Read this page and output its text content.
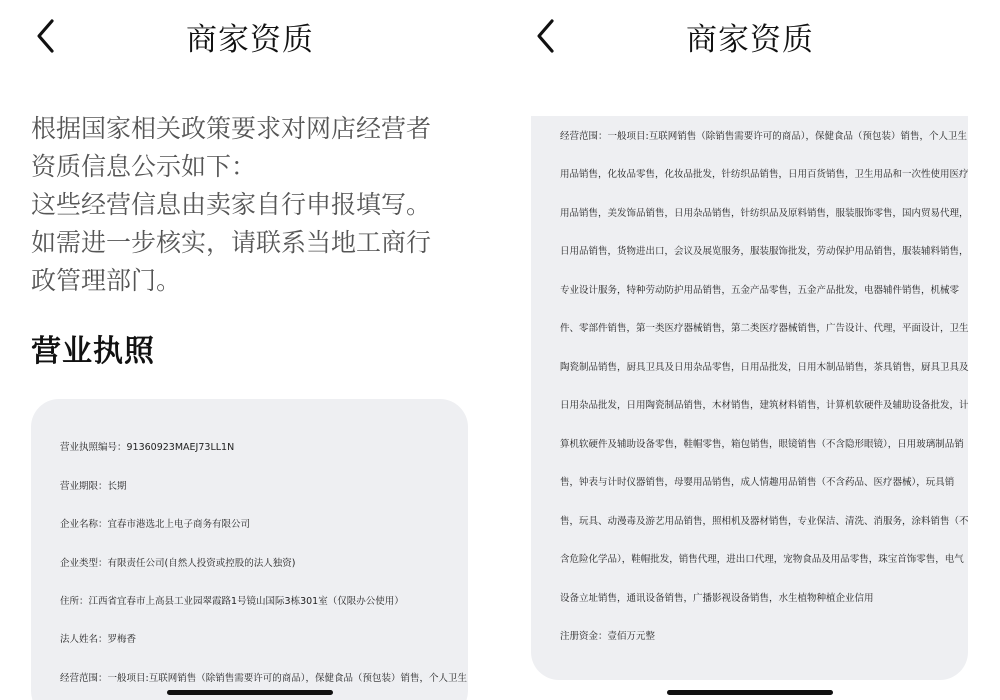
商家资质
根据国家相关政策要求对网店经营者
资质信息公示如下：
这些经营信息由卖家自行申报填写。
如需进一步核实，请联系当地工商行
政管理部门。
营业执照
营业执照编号：91360923MAEJ73LL1N
营业期限：长期
企业名称：宜春市港选北上电子商务有限公司
企业类型：有限责任公司(自然人投资或控股的法人独资)
住所：江西省宜春市上高县工业园翠霞路1号镜山国际3栋301室（仅限办公使用）
法人姓名：罗梅香
经营范围：一般项目:互联网销售（除销售需要许可的商品），保健食品（预包装）销售，个人卫生
商家资质
经营范围：一般项目:互联网销售（除销售需要许可的商品），保健食品（预包装）销售，个人卫生
用品销售，化妆品零售，化妆品批发，针纺织品销售，日用百货销售，卫生用品和一次性使用医疗
用品销售，美发饰品销售，日用杂品销售，针纺织品及原料销售，服装服饰零售，国内贸易代理，
日用品销售，货物进出口，会议及展览服务，服装服饰批发，劳动保护用品销售，服装辅料销售，
专业设计服务，特种劳动防护用品销售，五金产品零售，五金产品批发，电器辅件销售，机械零
件、零部件销售，第一类医疗器械销售，第二类医疗器械销售，广告设计、代理，平面设计，卫生
陶瓷制品销售，厨具卫具及日用杂品零售，日用品批发，日用木制品销售，茶具销售，厨具卫具及
日用杂品批发，日用陶瓷制品销售，木材销售，建筑材料销售，计算机软硬件及辅助设备批发，计
算机软硬件及辅助设备零售，鞋帽零售，箱包销售，眼镜销售（不含隐形眼镜），日用玻璃制品销
售，钟表与计时仪器销售，母婴用品销售，成人情趣用品销售（不含药品、医疗器械），玩具销
售，玩具、动漫毒及游艺用品销售，照相机及器材销售，专业保洁、清洗、消服务，涂料销售（不
含危险化学品），鞋帽批发，销售代理，进出口代理，宠物食品及用品零售，珠宝首饰零售，电气
设备立址销售，通讯设备销售，广播影视设备销售，水生植物种植企业信用
注册资金：壹佰万元整
